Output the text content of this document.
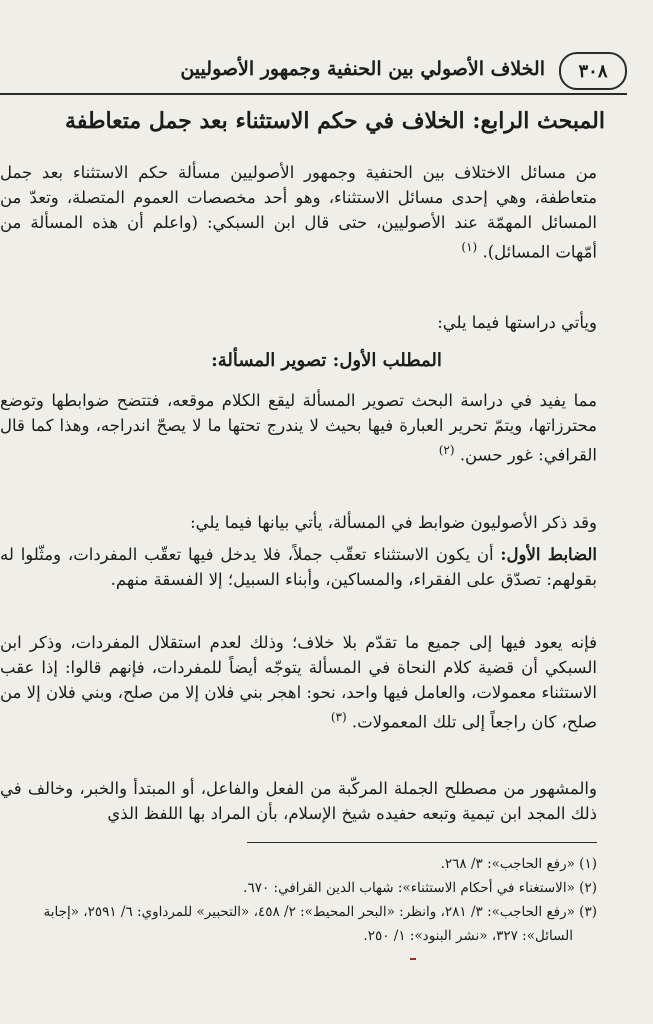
٣٠٨
الخلاف الأصولي بين الحنفية وجمهور الأصوليين
المبحث الرابع: الخلاف في حكم الاستثناء بعد جمل متعاطفة

من مسائل الاختلاف بين الحنفية وجمهور الأصوليين مسألة حكم الاستثناء بعد جمل متعاطفة، وهي إحدى مسائل الاستثناء، وهو أحد مخصصات العموم المتصلة، وتعدّ من المسائل المهمّة عند الأصوليين، حتى قال ابن السبكي: (واعلم أن هذه المسألة من أمّهات المسائل). $^{(١)}$

ويأتي دراستها فيما يلي:

المطلب الأول: تصوير المسألة:

مما يفيد في دراسة البحث تصوير المسألة ليقع الكلام موقعه، فتتضح ضوابطها وتوضع محترزاتها، ويتمّ تحرير العبارة فيها بحيث لا يندرج تحتها ما لا يصحّ اندراجه، وهذا كما قال القرافي: غور حسن. $^{(٢)}$

وقد ذكر الأصوليون ضوابط في المسألة، يأتي بيانها فيما يلي:

الضابط الأول: أن يكون الاستثناء تعقّب جملاً، فلا يدخل فيها تعقّب المفردات، ومثّلوا له بقولهم: تصدّق على الفقراء، والمساكين، وأبناء السبيل؛ إلا الفسقة منهم.

فإنه يعود فيها إلى جميع ما تقدّم بلا خلاف؛ وذلك لعدم استقلال المفردات، وذكر ابن السبكي أن قضية كلام النحاة في المسألة يتوجّه أيضاً للمفردات، فإنهم قالوا: إذا عقب الاستثناء معمولات، والعامل فيها واحد، نحو: اهجر بني فلان إلا من صلح، وبني فلان إلا من صلح، كان راجعاً إلى تلك المعمولات. $^{(٣)}$

والمشهور من مصطلح الجملة المركّبة من الفعل والفاعل، أو المبتدأ والخبر، وخالف في ذلك المجد ابن تيمية وتبعه حفيده شيخ الإسلام، بأن المراد بها اللفظ الذي

(١) «رفع الحاجب»: ٣/ ٢٦٨.

(٢) «الاستغناء في أحكام الاستثناء»: شهاب الدين القرافي: ٦٧٠.

(٣) «رفع الحاجب»: ٣/ ٢٨١، وانظر: «البحر المحيط»: ٢/ ٤٥٨، «التحبير» للمرداوي: ٦/ ٢٥٩١، «إجابة

السائل»: ٣٢٧، «نشر البنود»: ١/ ٢٥٠.
